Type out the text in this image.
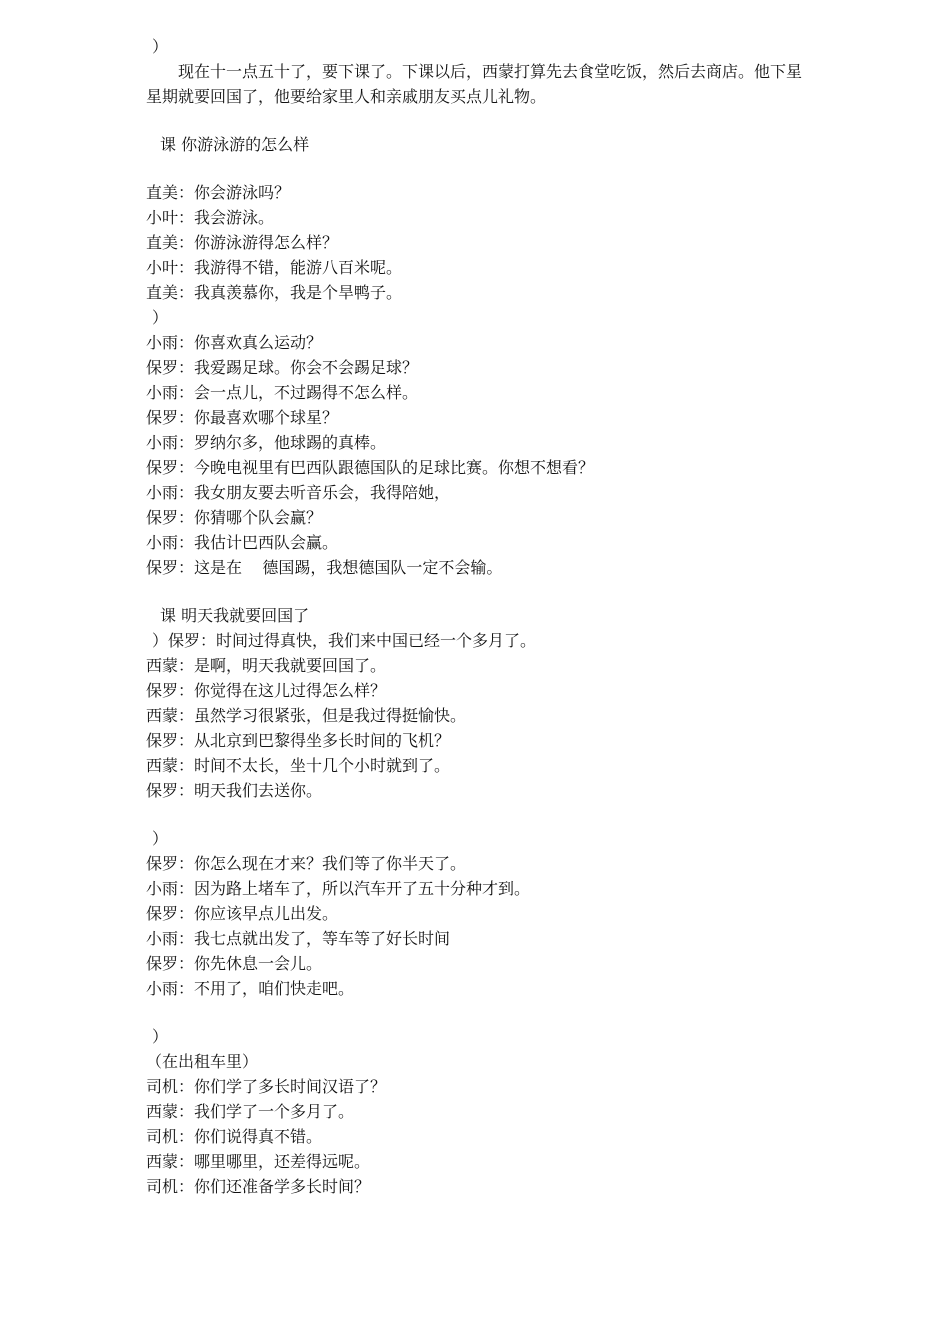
）
现在十一点五十了，要下课了。下课以后，西蒙打算先去食堂吃饭，然后去商店。他下星星期就要回国了，他要给家里人和亲戚朋友买点儿礼物。
课 你游泳游的怎么样
直美：你会游泳吗？
小叶：我会游泳。
直美：你游泳游得怎么样？
小叶：我游得不错，能游八百米呢。
直美：我真羡慕你，我是个旱鸭子。
）
小雨：你喜欢真么运动？
保罗：我爱踢足球。你会不会踢足球？
小雨：会一点儿，不过踢得不怎么样。
保罗：你最喜欢哪个球星？
小雨：罗纳尔多，他球踢的真棒。
保罗：今晚电视里有巴西队跟德国队的足球比赛。你想不想看？
小雨：我女朋友要去听音乐会，我得陪她，
保罗：你猜哪个队会赢？
小雨：我估计巴西队会赢。
保罗：这是在    德国踢，我想德国队一定不会输。
课 明天我就要回国了
）保罗：时间过得真快，我们来中国已经一个多月了。
西蒙：是啊，明天我就要回国了。
保罗：你觉得在这儿过得怎么样？
西蒙：虽然学习很紧张，但是我过得挺愉快。
保罗：从北京到巴黎得坐多长时间的飞机？
西蒙：时间不太长，坐十几个小时就到了。
保罗：明天我们去送你。
）
保罗：你怎么现在才来？我们等了你半天了。
小雨：因为路上堵车了，所以汽车开了五十分种才到。
保罗：你应该早点儿出发。
小雨：我七点就出发了，等车等了好长时间
保罗：你先休息一会儿。
小雨：不用了，咱们快走吧。
）
（在出租车里）
司机：你们学了多长时间汉语了？
西蒙：我们学了一个多月了。
司机：你们说得真不错。
西蒙：哪里哪里，还差得远呢。
司机：你们还准备学多长时间？
